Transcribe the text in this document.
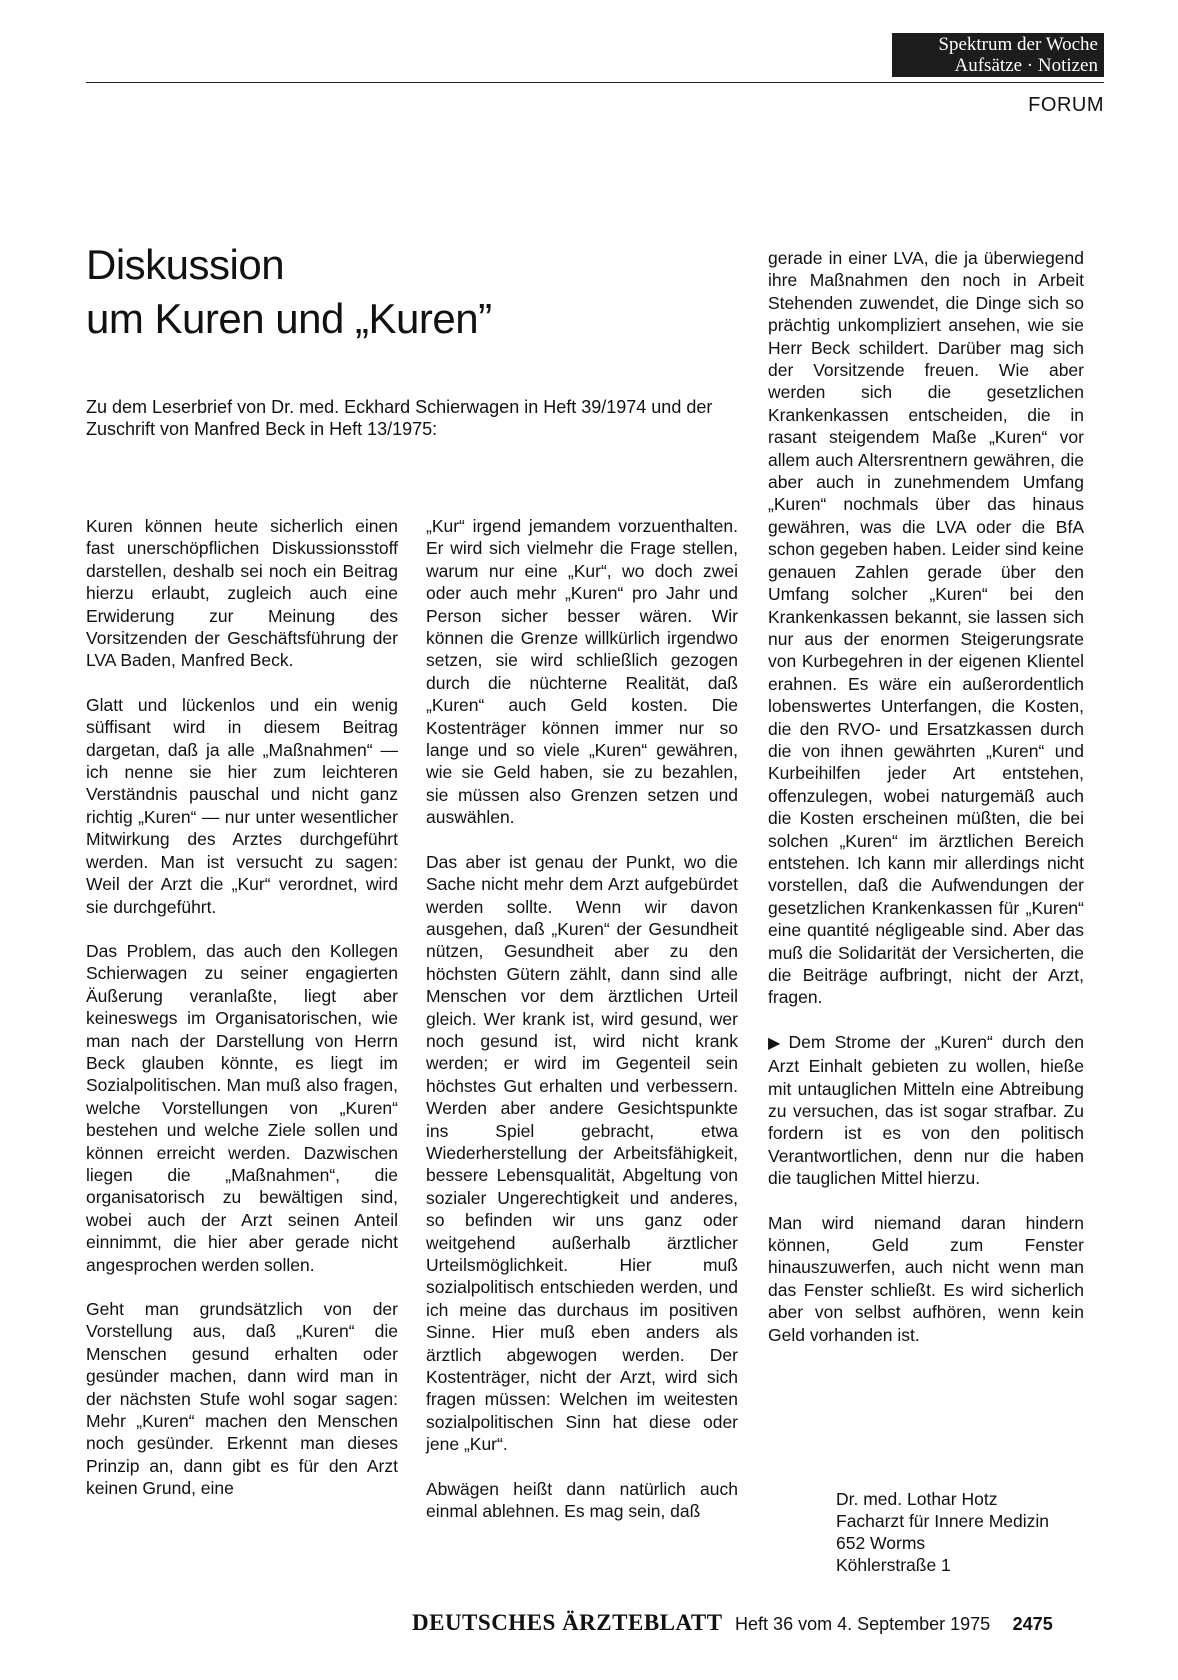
Spektrum der Woche
Aufsätze · Notizen
FORUM
Diskussion
um Kuren und „Kuren”
Zu dem Leserbrief von Dr. med. Eckhard Schierwagen in Heft 39/1974 und der Zuschrift von Manfred Beck in Heft 13/1975:

Kuren können heute sicherlich einen fast unerschöpflichen Diskussionsstoff darstellen, deshalb sei noch ein Beitrag hierzu erlaubt, zugleich auch eine Erwiderung zur Meinung des Vorsitzenden der Geschäftsführung der LVA Baden, Manfred Beck.

Glatt und lückenlos und ein wenig süffisant wird in diesem Beitrag dargetan, daß ja alle „Maßnahmen“ — ich nenne sie hier zum leichteren Verständnis pauschal und nicht ganz richtig „Kuren“ — nur unter wesentlicher Mitwirkung des Arztes durchgeführt werden. Man ist versucht zu sagen: Weil der Arzt die „Kur“ verordnet, wird sie durchgeführt.

Das Problem, das auch den Kollegen Schierwagen zu seiner engagierten Äußerung veranlaßte, liegt aber keineswegs im Organisatorischen, wie man nach der Darstellung von Herrn Beck glauben könnte, es liegt im Sozialpolitischen. Man muß also fragen, welche Vorstellungen von „Kuren“ bestehen und welche Ziele sollen und können erreicht werden. Dazwischen liegen die „Maßnahmen“, die organisatorisch zu bewältigen sind, wobei auch der Arzt seinen Anteil einnimmt, die hier aber gerade nicht angesprochen werden sollen.

Geht man grundsätzlich von der Vorstellung aus, daß „Kuren“ die Menschen gesund erhalten oder gesünder machen, dann wird man in der nächsten Stufe wohl sogar sagen: Mehr „Kuren“ machen den Menschen noch gesünder. Erkennt man dieses Prinzip an, dann gibt es für den Arzt keinen Grund, eine

„Kur“ irgend jemandem vorzuenthalten. Er wird sich vielmehr die Frage stellen, warum nur eine „Kur“, wo doch zwei oder auch mehr „Kuren“ pro Jahr und Person sicher besser wären. Wir können die Grenze willkürlich irgendwo setzen, sie wird schließlich gezogen durch die nüchterne Realität, daß „Kuren“ auch Geld kosten. Die Kostenträger können immer nur so lange und so viele „Kuren“ gewähren, wie sie Geld haben, sie zu bezahlen, sie müssen also Grenzen setzen und auswählen.

Das aber ist genau der Punkt, wo die Sache nicht mehr dem Arzt aufgebürdet werden sollte. Wenn wir davon ausgehen, daß „Kuren“ der Gesundheit nützen, Gesundheit aber zu den höchsten Gütern zählt, dann sind alle Menschen vor dem ärztlichen Urteil gleich. Wer krank ist, wird gesund, wer noch gesund ist, wird nicht krank werden; er wird im Gegenteil sein höchstes Gut erhalten und verbessern. Werden aber andere Gesichtspunkte ins Spiel gebracht, etwa Wiederherstellung der Arbeitsfähigkeit, bessere Lebensqualität, Abgeltung von sozialer Ungerechtigkeit und anderes, so befinden wir uns ganz oder weitgehend außerhalb ärztlicher Urteilsmöglichkeit. Hier muß sozialpolitisch entschieden werden, und ich meine das durchaus im positiven Sinne. Hier muß eben anders als ärztlich abgewogen werden. Der Kostenträger, nicht der Arzt, wird sich fragen müssen: Welchen im weitesten sozialpolitischen Sinn hat diese oder jene „Kur“.

Abwägen heißt dann natürlich auch einmal ablehnen. Es mag sein, daß

gerade in einer LVA, die ja überwiegend ihre Maßnahmen den noch in Arbeit Stehenden zuwendet, die Dinge sich so prächtig unkompliziert ansehen, wie sie Herr Beck schildert. Darüber mag sich der Vorsitzende freuen. Wie aber werden sich die gesetzlichen Krankenkassen entscheiden, die in rasant steigendem Maße „Kuren“ vor allem auch Altersrentnern gewähren, die aber auch in zunehmendem Umfang „Kuren“ nochmals über das hinaus gewähren, was die LVA oder die BfA schon gegeben haben. Leider sind keine genauen Zahlen gerade über den Umfang solcher „Kuren“ bei den Krankenkassen bekannt, sie lassen sich nur aus der enormen Steigerungsrate von Kurbegehren in der eigenen Klientel erahnen. Es wäre ein außerordentlich lobenswertes Unterfangen, die Kosten, die den RVO- und Ersatzkassen durch die von ihnen gewährten „Kuren“ und Kurbeihilfen jeder Art entstehen, offenzulegen, wobei naturgemäß auch die Kosten erscheinen müßten, die bei solchen „Kuren“ im ärztlichen Bereich entstehen. Ich kann mir allerdings nicht vorstellen, daß die Aufwendungen der gesetzlichen Krankenkassen für „Kuren“ eine quantité négligeable sind. Aber das muß die Solidarität der Versicherten, die die Beiträge aufbringt, nicht der Arzt, fragen.

▶ Dem Strome der „Kuren“ durch den Arzt Einhalt gebieten zu wollen, hieße mit untauglichen Mitteln eine Abtreibung zu versuchen, das ist sogar strafbar. Zu fordern ist es von den politisch Verantwortlichen, denn nur die haben die tauglichen Mittel hierzu.

Man wird niemand daran hindern können, Geld zum Fenster hinauszuwerfen, auch nicht wenn man das Fenster schließt. Es wird sicherlich aber von selbst aufhören, wenn kein Geld vorhanden ist.

Dr. med. Lothar Hotz
Facharzt für Innere Medizin
652 Worms
Köhlerstraße 1
DEUTSCHES ÄRZTEBLATT Heft 36 vom 4. September 1975 2475
